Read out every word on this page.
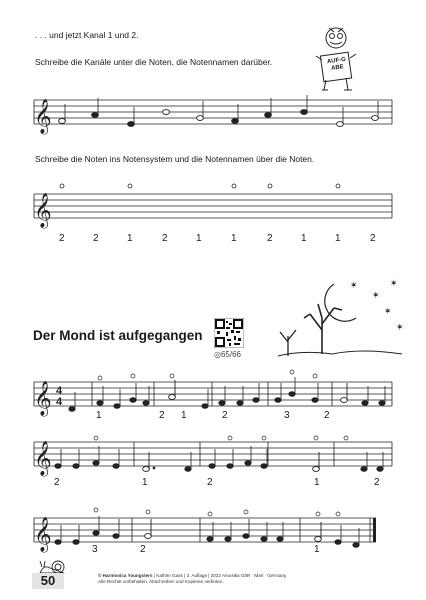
. . . und jetzt Kanal 1 und 2.
Schreibe die Kanäle unter die Noten, die Notennamen darüber.	AUF-GABE
𝄞
Schreibe die Noten ins Notensystem und die Notennamen über die Noten.
𝄞
2	2	1	2	1	1	2	1	1	2
Der Mond ist aufgegangen
◎65/66
✶
✶
✶
✶
✶
𝄞 4
4
1	2 1	2	3	2
𝄞
2	1	2	1	2
𝄞	3	2	1
50	© Harmonica Youngsters | Kathrin Gass | 3. Auflage | 2022 Amusika GbR · Marl · Germany
Alle Rechte vorbehalten. Abschreiben und Kopieren verboten.
